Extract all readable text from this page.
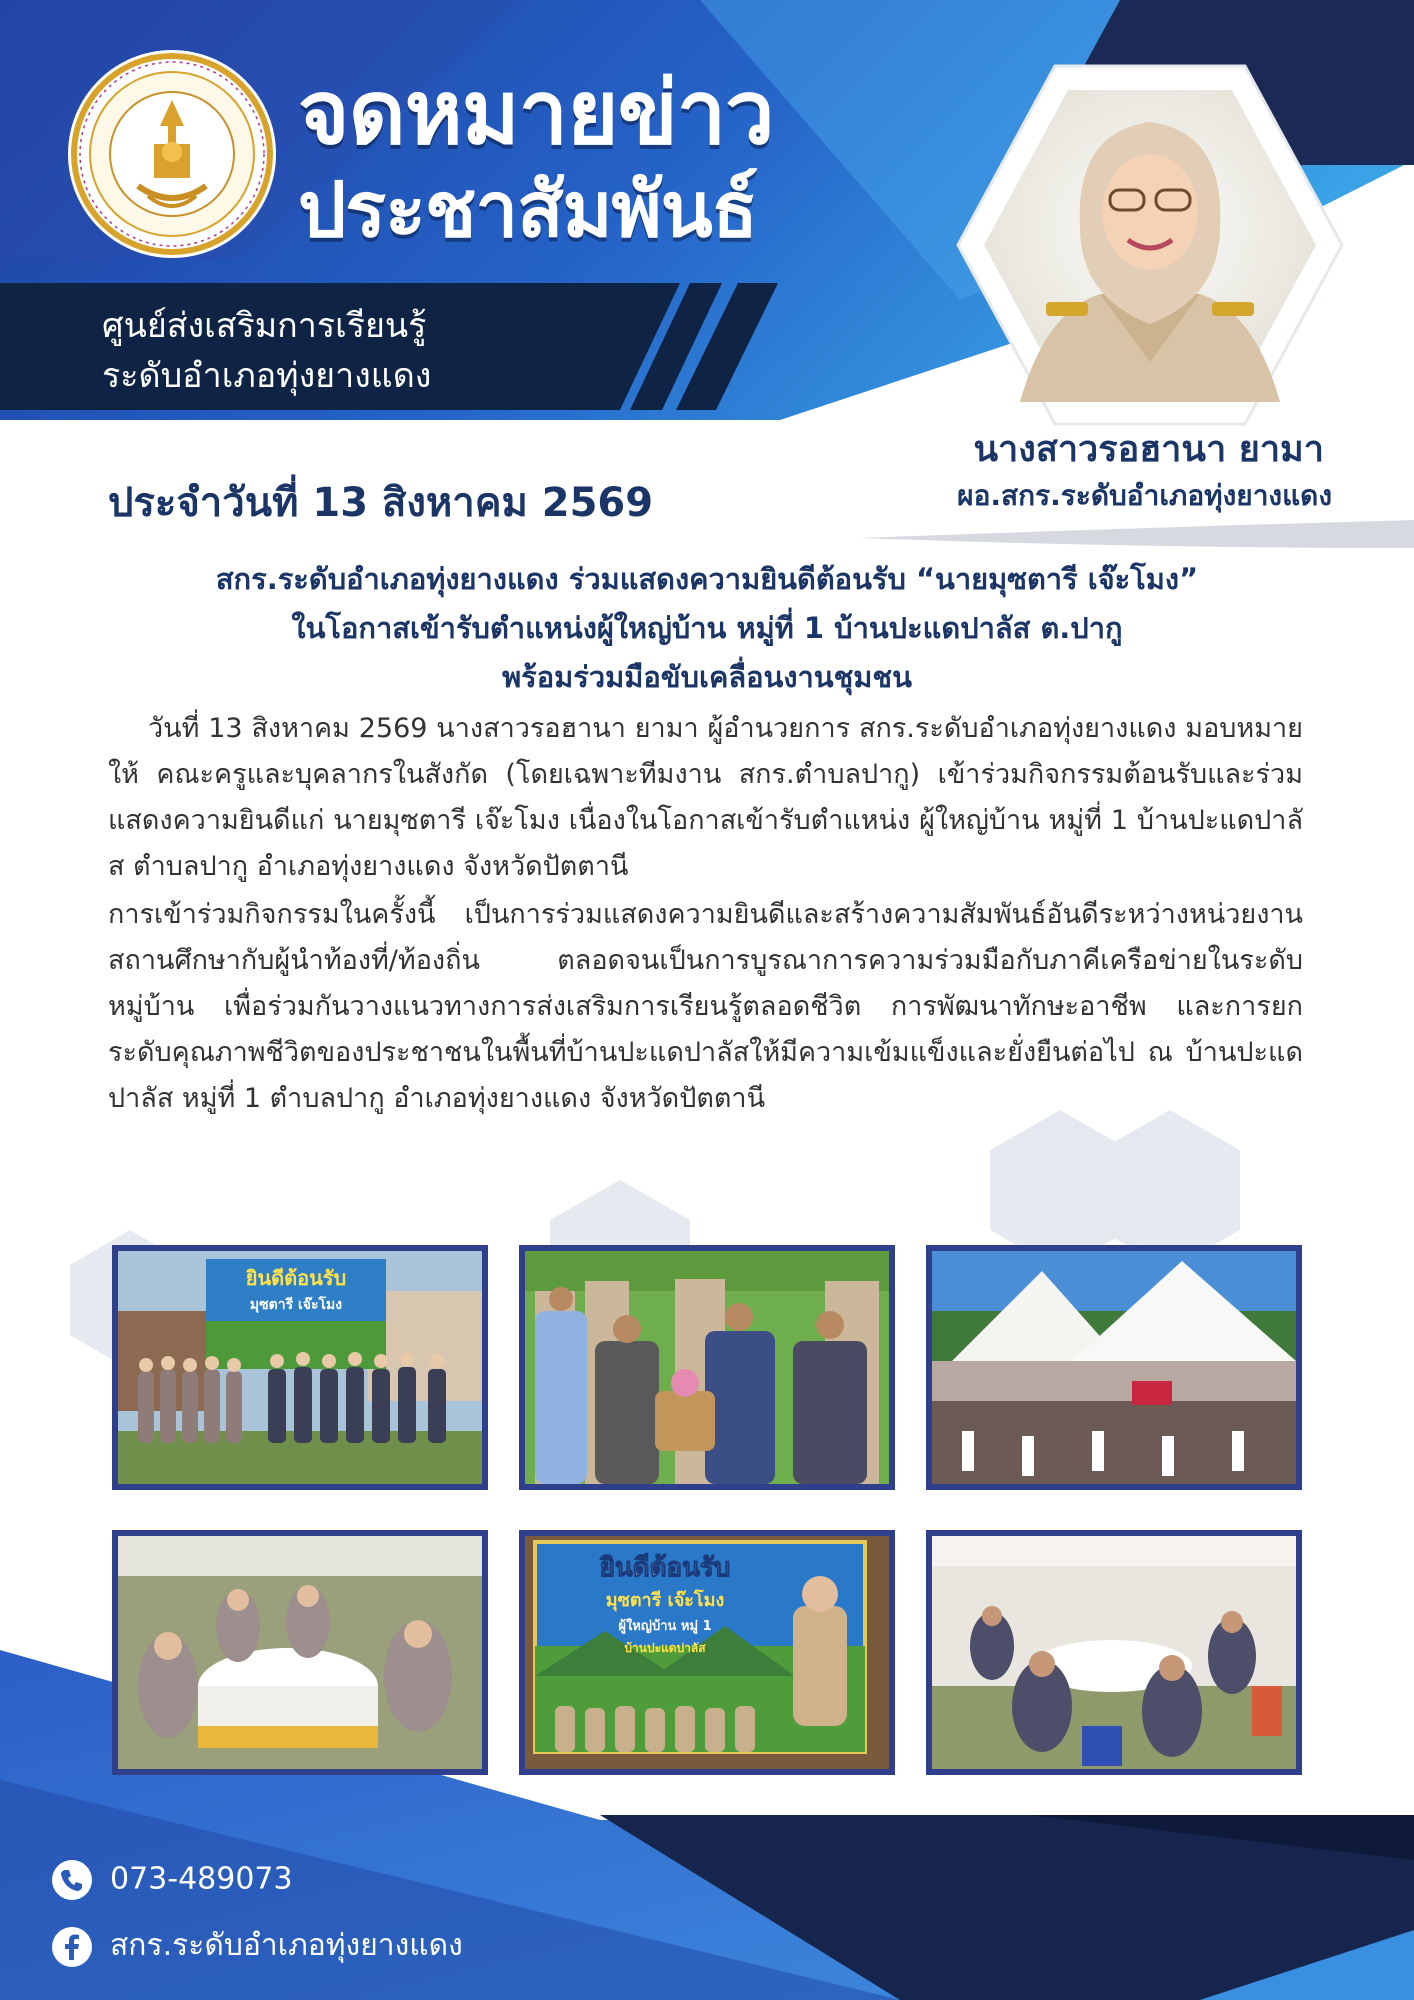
จดหมายข่าว
ประชาสัมพันธ์
ศูนย์ส่งเสริมการเรียนรู้
ระดับอำเภอทุ่งยางแดง
นางสาวรอฮานา ยามา
ผอ.สกร.ระดับอำเภอทุ่งยางแดง
ประจำวันที่ 13 สิงหาคม 2569
สกร.ระดับอำเภอทุ่งยางแดง ร่วมแสดงความยินดีต้อนรับ “นายมุซตารี เจ๊ะโมง”
ในโอกาสเข้ารับตำแหน่งผู้ใหญ่บ้าน หมู่ที่ 1 บ้านปะแดปาลัส ต.ปากู
พร้อมร่วมมือขับเคลื่อนงานชุมชน

วันที่ 13 สิงหาคม 2569 นางสาวรอฮานา ยามา ผู้อำนวยการ สกร.ระดับอำเภอทุ่งยางแดง มอบหมายให้ คณะครูและบุคลากรในสังกัด (โดยเฉพาะทีมงาน สกร.ตำบลปากู) เข้าร่วมกิจกรรมต้อนรับและร่วมแสดงความยินดีแก่ นายมุซตารี เจ๊ะโมง เนื่องในโอกาสเข้ารับตำแหน่ง ผู้ใหญ่บ้าน หมู่ที่ 1 บ้านปะแดปาลัส ตำบลปากู อำเภอทุ่งยางแดง จังหวัดปัตตานี

การเข้าร่วมกิจกรรมในครั้งนี้ เป็นการร่วมแสดงความยินดีและสร้างความสัมพันธ์อันดีระหว่างหน่วยงานสถานศึกษากับผู้นำท้องที่/ท้องถิ่น ตลอดจนเป็นการบูรณาการความร่วมมือกับภาคีเครือข่ายในระดับหมู่บ้าน เพื่อร่วมกันวางแนวทางการส่งเสริมการเรียนรู้ตลอดชีวิต การพัฒนาทักษะอาชีพ และการยกระดับคุณภาพชีวิตของประชาชนในพื้นที่บ้านปะแดปาลัสให้มีความเข้มแข็งและยั่งยืนต่อไป ณ บ้านปะแดปาลัส หมู่ที่ 1 ตำบลปากู อำเภอทุ่งยางแดง จังหวัดปัตตานี

ยินดีต้อนรับ
มุซตารี เจ๊ะโมง
ยินดีต้อนรับ
มุซตารี เจ๊ะโมง
ผู้ใหญ่บ้าน หมู่ 1
บ้านปะแดปาลัส
073-489073
สกร.ระดับอำเภอทุ่งยางแดง
